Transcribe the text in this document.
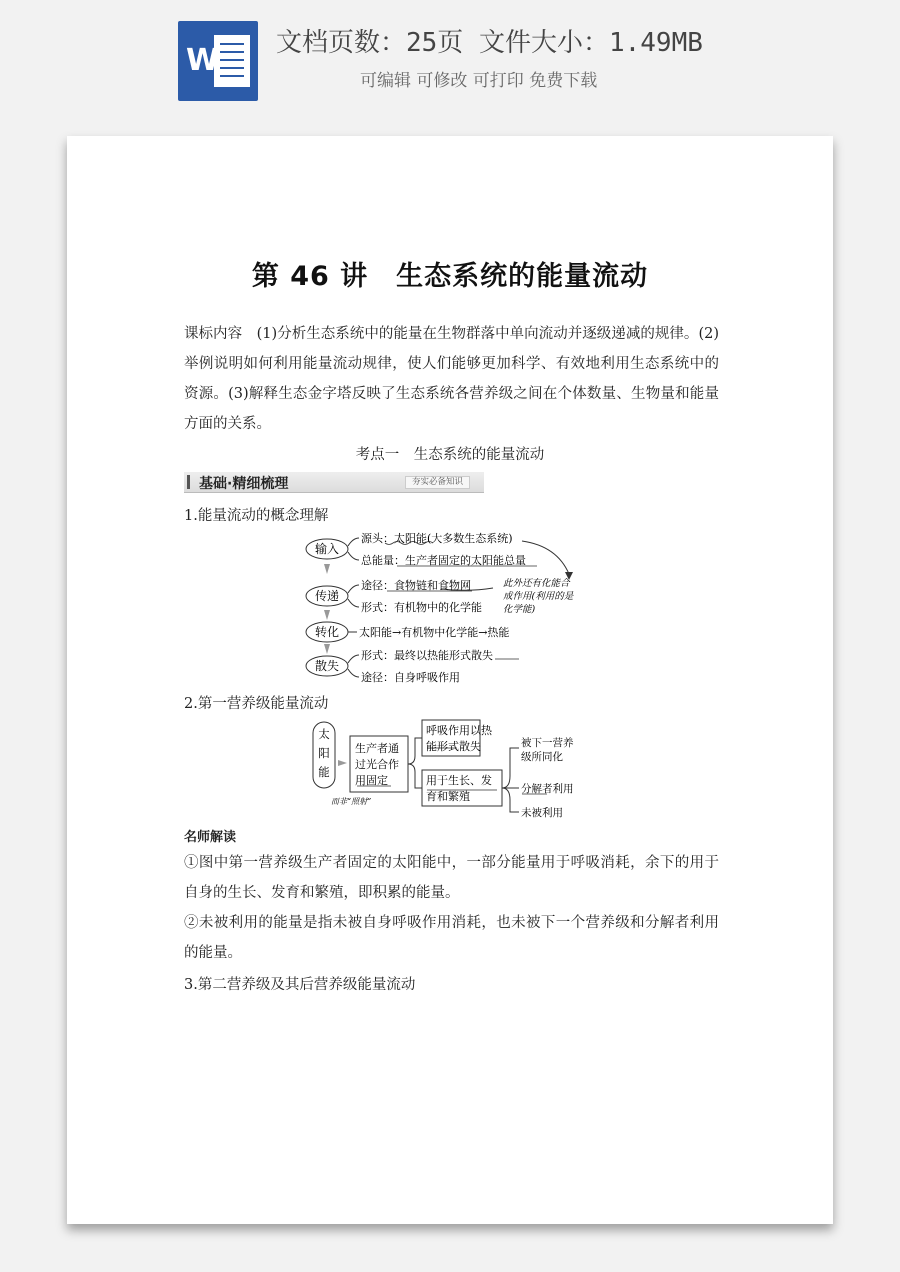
W 文档页数：25页 文件大小：1.49MB
可编辑 可修改 可打印 免费下载
第 46 讲　生态系统的能量流动
课标内容　(1)分析生态系统中的能量在生物群落中单向流动并逐级递减的规律。(2)举例说明如何利用能量流动规律，使人们能够更加科学、有效地利用生态系统中的资源。(3)解释生态金字塔反映了生态系统各营养级之间在个体数量、生物量和能量方面的关系。
考点一　生态系统的能量流动
基础·精细梳理	夯实必备知识
1.能量流动的概念理解
输入
传递
转化
散失
源头：太阳能(大多数生态系统)
总能量：生产者固定的太阳能总量
途径：食物链和食物网
形式：有机物中的化学能
太阳能→有机物中化学能→热能
形式：最终以热能形式散失
途径：自身呼吸作用
此外还有化能合
成作用(利用的是
化学能)
2.第一营养级能量流动
太
阳
能
生产者通
过光合作
用固定
呼吸作用以热
能形式散失
用于生长、发
育和繁殖
被下一营养
级所同化
分解者利用
未被利用
而非“照射”
名师解读
①图中第一营养级生产者固定的太阳能中，一部分能量用于呼吸消耗，余下的用于自身的生长、发育和繁殖，即积累的能量。
②未被利用的能量是指未被自身呼吸作用消耗，也未被下一个营养级和分解者利用的能量。
3.第二营养级及其后营养级能量流动
